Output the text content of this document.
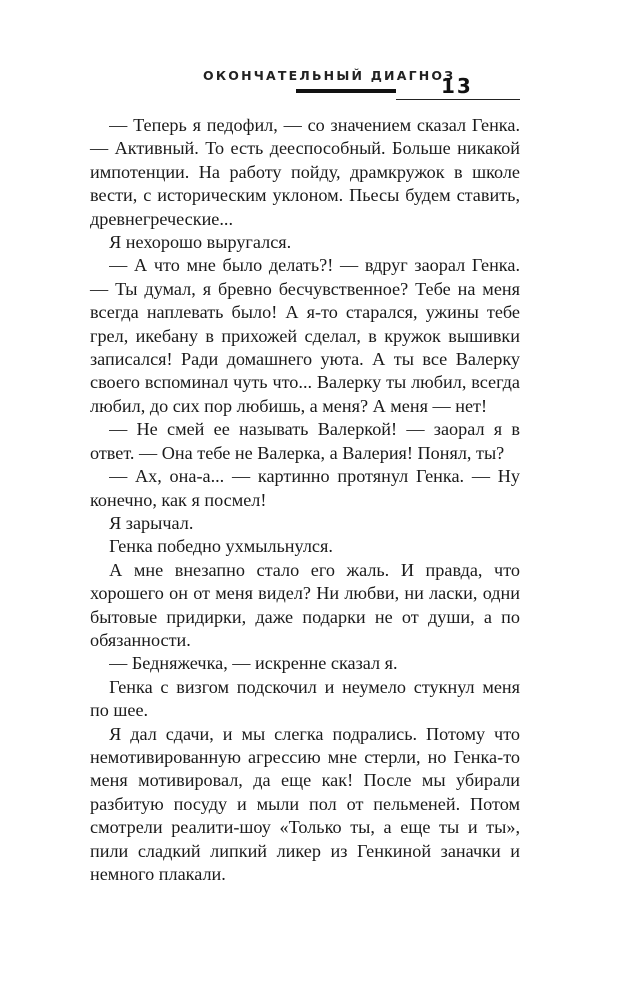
ОКОНЧАТЕЛЬНЫЙ ДИАГНОЗ
13

— Теперь я педофил, — со значением сказал Генка. — Активный. То есть дееспособный. Больше никакой импотенции. На работу пойду, драмкружок в школе вести, с историческим уклоном. Пьесы будем ставить, древнегреческие...

Я нехорошо выругался.

— А что мне было делать?! — вдруг заорал Генка. — Ты думал, я бревно бесчувственное? Тебе на меня всегда наплевать было! А я-то старался, ужины тебе грел, икебану в прихожей сделал, в кружок вышивки записался! Ради домашнего уюта. А ты все Валерку своего вспоминал чуть что... Валерку ты любил, всегда любил, до сих пор любишь, а меня? А меня — нет!

— Не смей ее называть Валеркой! — заорал я в ответ. — Она тебе не Валерка, а Валерия! Понял, ты?

— Ах, она-а... — картинно протянул Генка. — Ну конечно, как я посмел!

Я зарычал.

Генка победно ухмыльнулся.

А мне внезапно стало его жаль. И правда, что хорошего он от меня видел? Ни любви, ни ласки, одни бытовые придирки, даже подарки не от души, а по обязанности.

— Бедняжечка, — искренне сказал я.

Генка с визгом подскочил и неумело стукнул меня по шее.

Я дал сдачи, и мы слегка подрались. Потому что немотивированную агрессию мне стерли, но Генка-то меня мотивировал, да еще как! После мы убирали разбитую посуду и мыли пол от пельменей. Потом смотрели реалити-шоу «Только ты, а еще ты и ты», пили сладкий липкий ликер из Генкиной заначки и немного плакали.
